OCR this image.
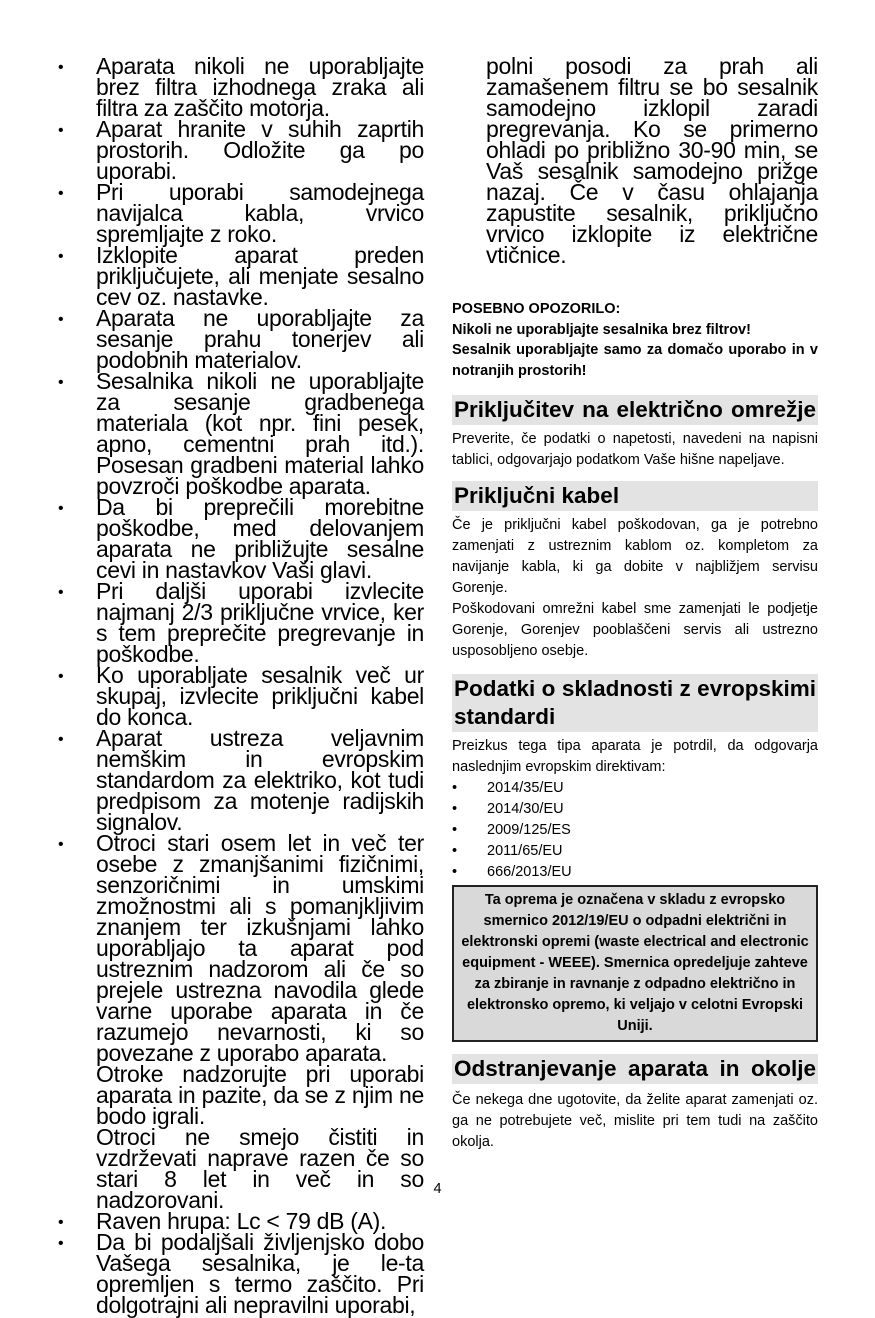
• Aparata nikoli ne uporabljajte brez filtra izhodnega zraka ali filtra za zaščito motorja.
• Aparat hranite v suhih zaprtih prostorih. Odložite ga po uporabi.
• Pri uporabi samodejnega navijalca kabla, vrvico spremljajte z roko.
• Izklopite aparat preden priključujete, ali menjate sesalno cev oz. nastavke.
• Aparata ne uporabljajte za sesanje prahu tonerjev ali podobnih materialov.
• Sesalnika nikoli ne uporabljajte za sesanje gradbenega materiala (kot npr. fini pesek, apno, cementni prah itd.). Posesan gradbeni material lahko povzroči poškodbe aparata.
• Da bi preprečili morebitne poškodbe, med delovanjem aparata ne približujte sesalne cevi in nastavkov Vaši glavi.
• Pri daljši uporabi izvlecite najmanj 2/3 priključne vrvice, ker s tem preprečite pregrevanje in poškodbe.
• Ko uporabljate sesalnik več ur skupaj, izvlecite priključni kabel do konca.
• Aparat ustreza veljavnim nemškim in evropskim standardom za elektriko, kot tudi predpisom za motenje radijskih signalov.
• Otroci stari osem let in več ter osebe z zmanjšanimi fizičnimi, senzoričnimi in umskimi zmožnostmi ali s pomanjkljivim znanjem ter izkušnjami lahko uporabljajo ta aparat pod ustreznim nadzorom ali če so prejele ustrezna navodila glede varne uporabe aparata in če razumejo nevarnosti, ki so povezane z uporabo aparata.
Otroke nadzorujte pri uporabi aparata in pazite, da se z njim ne bodo igrali.
Otroci ne smejo čistiti in vzdrževati naprave razen če so stari 8 let in več in so nadzorovani.
• Raven hrupa: Lc < 79 dB (A).
• Da bi podaljšali življenjsko dobo Vašega sesalnika, je le-ta opremljen s termo zaščito. Pri dolgotrajni ali nepravilni uporabi,
polni posodi za prah ali zamašenem filtru se bo sesalnik samodejno izklopil zaradi pregrevanja. Ko se primerno ohladi po približno 30-90 min, se Vaš sesalnik samodejno prižge nazaj. Če v času ohlajanja zapustite sesalnik, priključno vrvico izklopite iz električne vtičnice.
POSEBNO OPOZORILO:
Nikoli ne uporabljajte sesalnika brez filtrov!
Sesalnik uporabljajte samo za domačo uporabo in v notranjih prostorih!
Priključitev na električno omrežje

Preverite, če podatki o napetosti, navedeni na napisni tablici, odgovarjajo podatkom Vaše hišne napeljave.

Priključni kabel

Če je priključni kabel poškodovan, ga je potrebno zamenjati z ustreznim kablom oz. kompletom za navijanje kabla, ki ga dobite v najbližjem servisu Gorenje.

Poškodovani omrežni kabel sme zamenjati le podjetje Gorenje, Gorenjev pooblaščeni servis ali ustrezno usposobljeno osebje.

Podatki o skladnosti z evropskimi standardi

Preizkus tega tipa aparata je potrdil, da odgovarja naslednjim evropskim direktivam:

• 2014/35/EU
• 2014/30/EU
• 2009/125/ES
• 2011/65/EU
• 666/2013/EU
Ta oprema je označena v skladu z evropsko smernico 2012/19/EU o odpadni električni in elektronski opremi (waste electrical and electronic equipment - WEEE). Smernica opredeljuje zahteve za zbiranje in ravnanje z odpadno električno in elektronsko opremo, ki veljajo v celotni Evropski Uniji.
Odstranjevanje aparata in okolje

Če nekega dne ugotovite, da želite aparat zamenjati oz. ga ne potrebujete več, mislite pri tem tudi na zaščito okolja.

4
